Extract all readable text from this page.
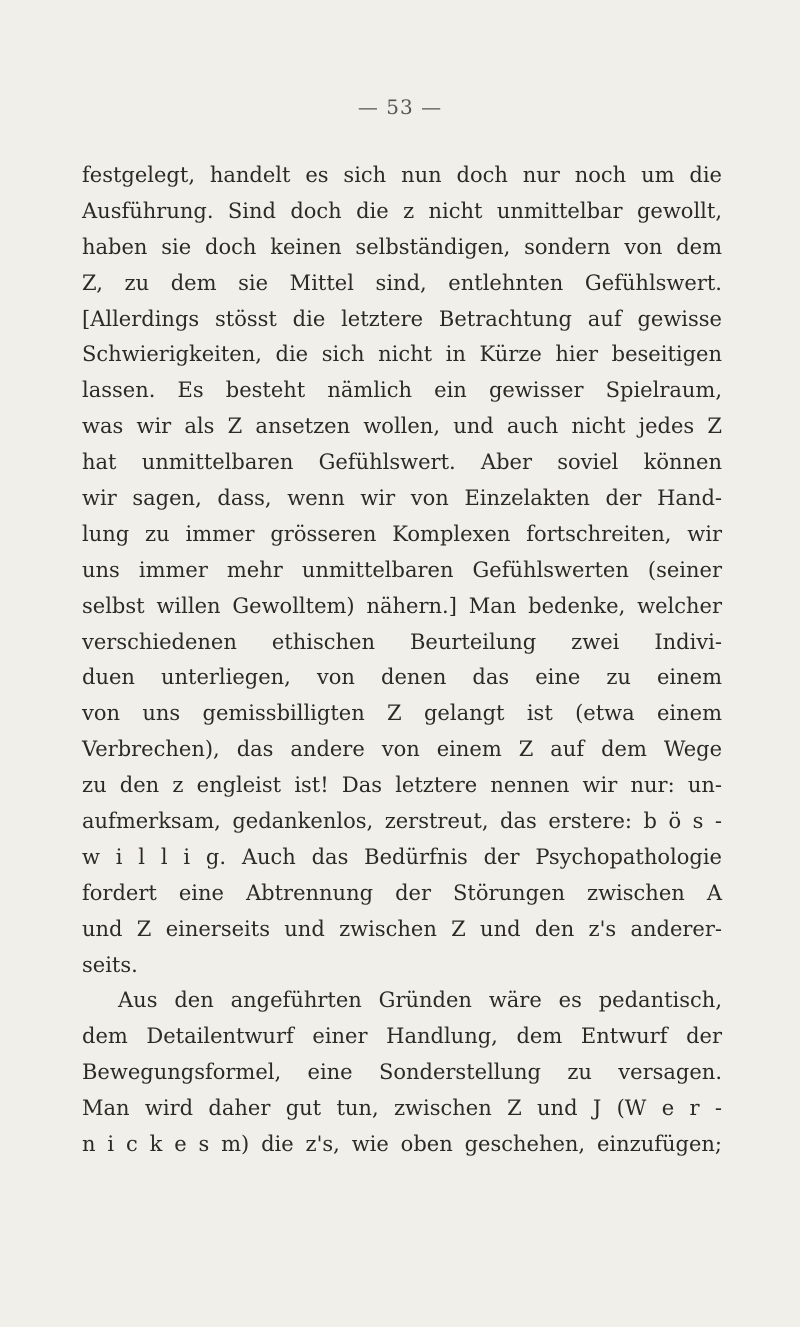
— 53 —
festgelegt, handelt es sich nun doch nur noch um die
Ausführung. Sind doch die z nicht unmittelbar gewollt,
haben sie doch keinen selbständigen, sondern von dem
Z, zu dem sie Mittel sind, entlehnten Gefühlswert.
[Allerdings stösst die letztere Betrachtung auf gewisse
Schwierigkeiten, die sich nicht in Kürze hier beseitigen
lassen. Es besteht nämlich ein gewisser Spielraum,
was wir als Z ansetzen wollen, und auch nicht jedes Z
hat unmittelbaren Gefühlswert. Aber soviel können
wir sagen, dass, wenn wir von Einzelakten der Hand-
lung zu immer grösseren Komplexen fortschreiten, wir
uns immer mehr unmittelbaren Gefühlswerten (seiner
selbst willen Gewolltem) nähern.] Man bedenke, welcher
verschiedenen ethischen Beurteilung zwei Indivi-
duen unterliegen, von denen das eine zu einem
von uns gemissbilligten Z gelangt ist (etwa einem
Verbrechen), das andere von einem Z auf dem Wege
zu den z engleist ist! Das letztere nennen wir nur: un-
aufmerksam, gedankenlos, zerstreut, das erstere: b ö s -
w i l l i g. Auch das Bedürfnis der Psychopathologie
fordert eine Abtrennung der Störungen zwischen A
und Z einerseits und zwischen Z und den z's anderer-
seits.
Aus den angeführten Gründen wäre es pedantisch,
dem Detailentwurf einer Handlung, dem Entwurf der
Bewegungsformel, eine Sonderstellung zu versagen.
Man wird daher gut tun, zwischen Z und J (W e r -
n i c k e s m) die z's, wie oben geschehen, einzufügen;
